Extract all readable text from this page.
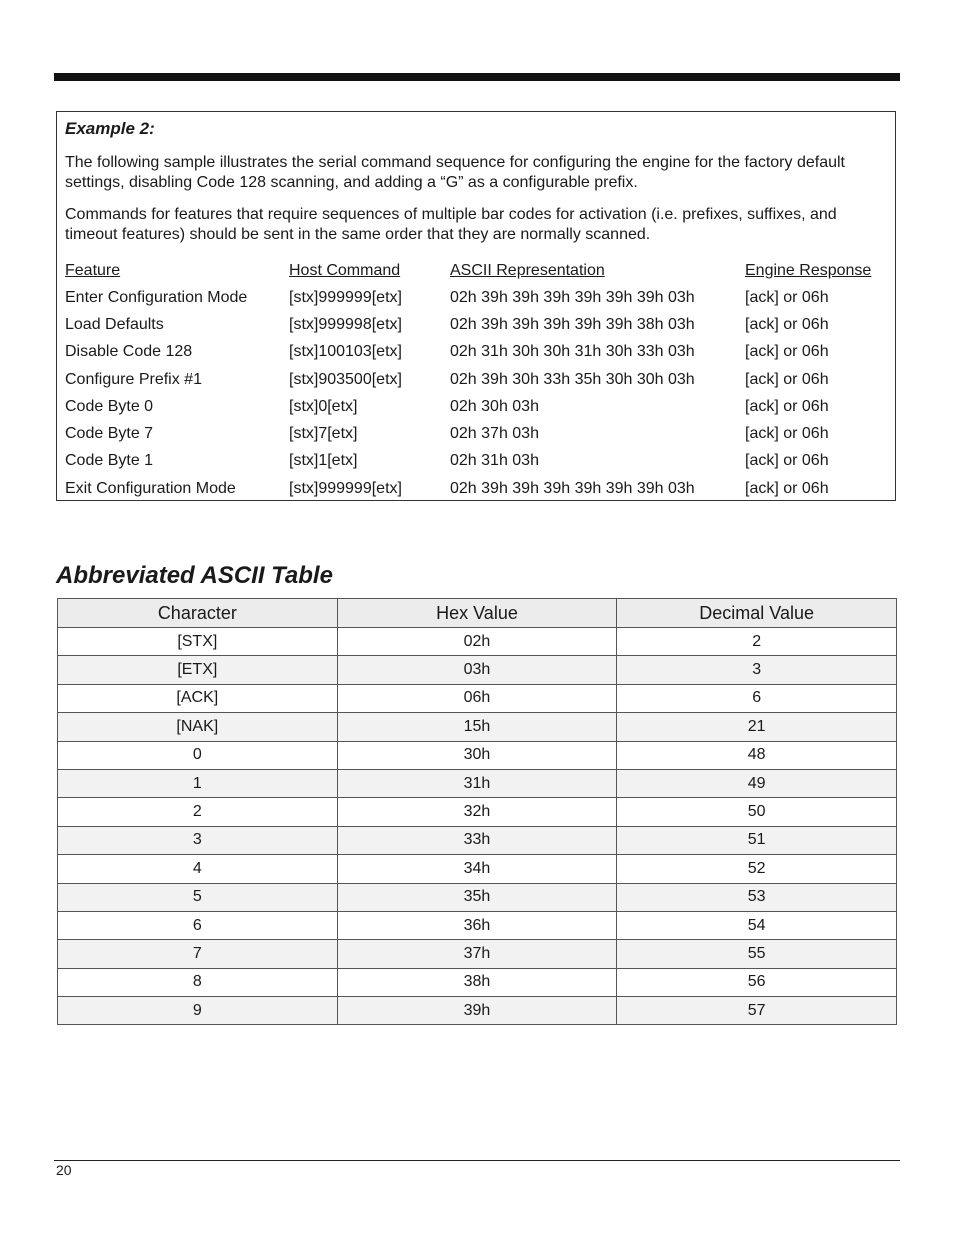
Example 2:

The following sample illustrates the serial command sequence for configuring the engine for the factory default settings, disabling Code 128 scanning, and adding a “G” as a configurable prefix.

Commands for features that require sequences of multiple bar codes for activation (i.e. prefixes, suffixes, and timeout features) should be sent in the same order that they are normally scanned.

Feature	Host Command	ASCII Representation	Engine Response
Enter Configuration Mode	[stx]999999[etx]	02h 39h 39h 39h 39h 39h 39h 03h	[ack] or 06h
Load Defaults	[stx]999998[etx]	02h 39h 39h 39h 39h 39h 38h 03h	[ack] or 06h
Disable Code 128	[stx]100103[etx]	02h 31h 30h 30h 31h 30h 33h 03h	[ack] or 06h
Configure Prefix #1	[stx]903500[etx]	02h 39h 30h 33h 35h 30h 30h 03h	[ack] or 06h
Code Byte 0	[stx]0[etx]	02h 30h 03h	[ack] or 06h
Code Byte 7	[stx]7[etx]	02h 37h 03h	[ack] or 06h
Code Byte 1	[stx]1[etx]	02h 31h 03h	[ack] or 06h
Exit Configuration Mode	[stx]999999[etx]	02h 39h 39h 39h 39h 39h 39h 03h	[ack] or 06h
Abbreviated ASCII Table
Character	Hex Value	Decimal Value
[STX]	02h	2
[ETX]	03h	3
[ACK]	06h	6
[NAK]	15h	21
0	30h	48
1	31h	49
2	32h	50
3	33h	51
4	34h	52
5	35h	53
6	36h	54
7	37h	55
8	38h	56
9	39h	57
20
